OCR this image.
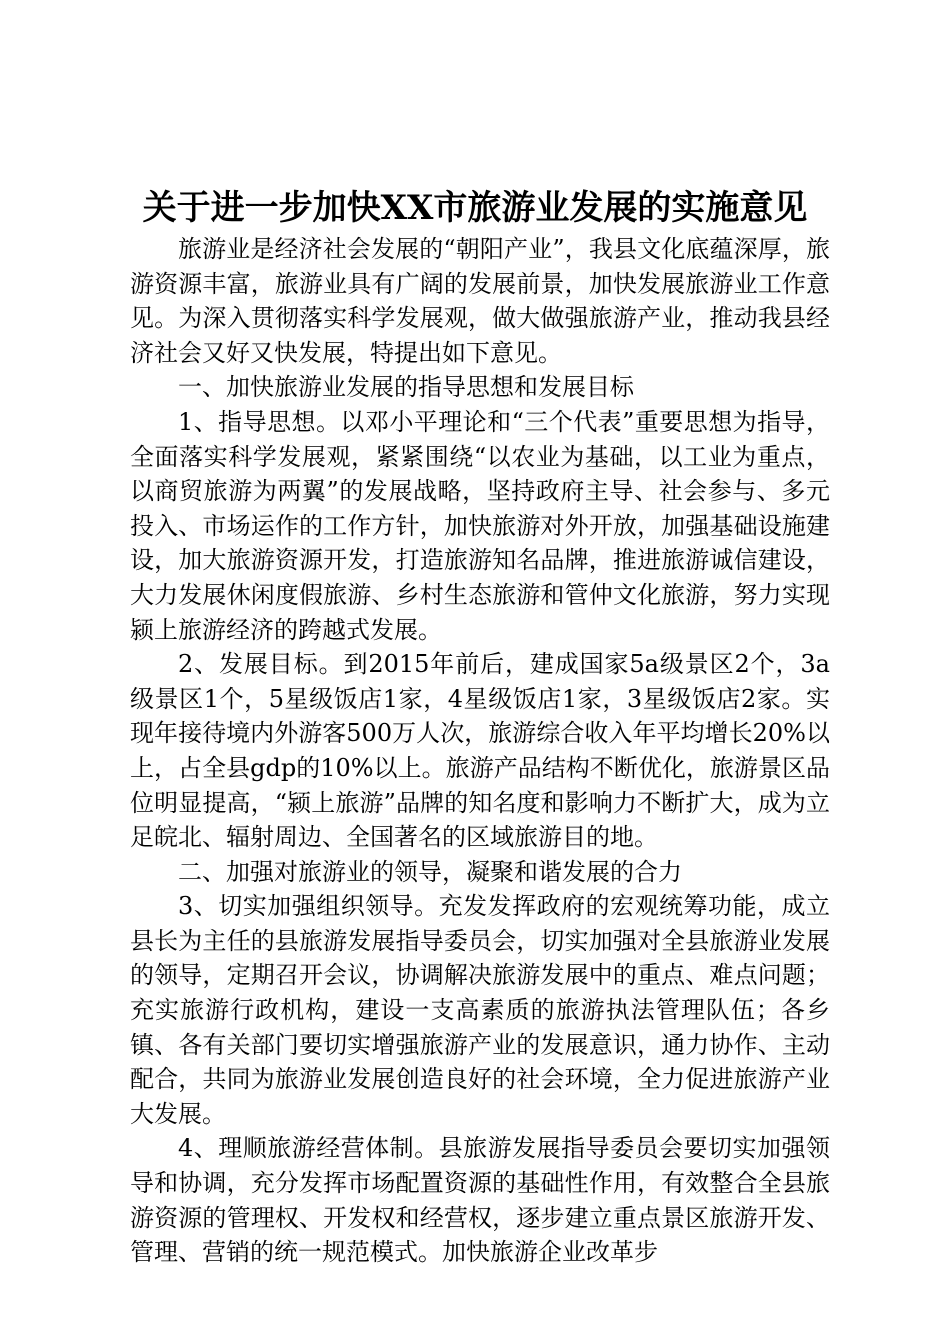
关于进一步加快XX市旅游业发展的实施意见

旅游业是经济社会发展的“朝阳产业”，我县文化底蕴深厚，旅游资源丰富，旅游业具有广阔的发展前景，加快发展旅游业工作意见。为深入贯彻落实科学发展观，做大做强旅游产业，推动我县经济社会又好又快发展，特提出如下意见。

一、加快旅游业发展的指导思想和发展目标

1、指导思想。以邓小平理论和“三个代表”重要思想为指导，全面落实科学发展观，紧紧围绕“以农业为基础，以工业为重点，以商贸旅游为两翼”的发展战略，坚持政府主导、社会参与、多元投入、市场运作的工作方针，加快旅游对外开放，加强基础设施建设，加大旅游资源开发，打造旅游知名品牌，推进旅游诚信建设，大力发展休闲度假旅游、乡村生态旅游和管仲文化旅游，努力实现颍上旅游经济的跨越式发展。

2、发展目标。到2015年前后，建成国家5a级景区2个，3a级景区1个，5星级饭店1家，4星级饭店1家，3星级饭店2家。实现年接待境内外游客500万人次，旅游综合收入年平均增长20%以上，占全县gdp的10%以上。旅游产品结构不断优化，旅游景区品位明显提高，“颍上旅游”品牌的知名度和影响力不断扩大，成为立足皖北、辐射周边、全国著名的区域旅游目的地。

二、加强对旅游业的领导，凝聚和谐发展的合力

3、切实加强组织领导。充发发挥政府的宏观统筹功能，成立县长为主任的县旅游发展指导委员会，切实加强对全县旅游业发展的领导，定期召开会议，协调解决旅游发展中的重点、难点问题；充实旅游行政机构，建设一支高素质的旅游执法管理队伍；各乡镇、各有关部门要切实增强旅游产业的发展意识，通力协作、主动配合，共同为旅游业发展创造良好的社会环境，全力促进旅游产业大发展。

4、理顺旅游经营体制。县旅游发展指导委员会要切实加强领导和协调，充分发挥市场配置资源的基础性作用，有效整合全县旅游资源的管理权、开发权和经营权，逐步建立重点景区旅游开发、管理、营销的统一规范模式。加快旅游企业改革步
